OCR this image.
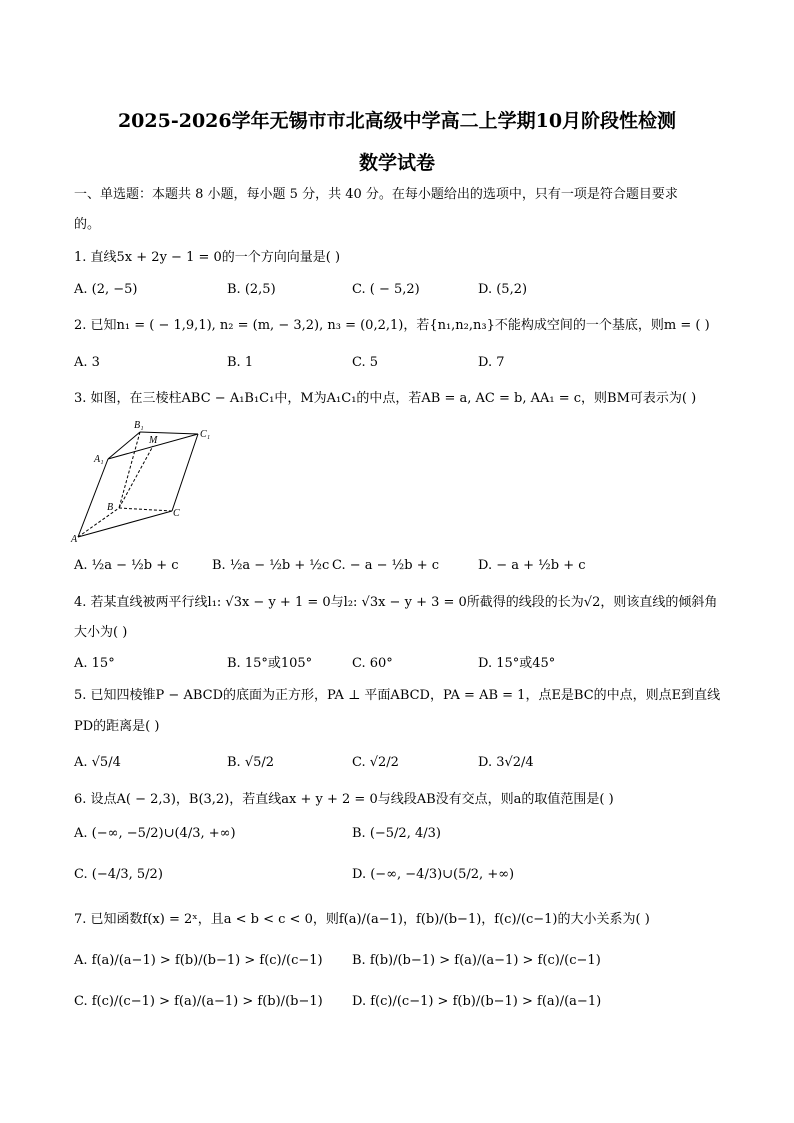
2025-2026学年无锡市市北高级中学高二上学期10月阶段性检测
数学试卷
一、单选题：本题共 8 小题，每小题 5 分，共 40 分。在每小题给出的选项中，只有一项是符合题目要求
的。
1. 直线5x + 2y − 1 = 0的一个方向向量是( )
A. (2, −5)	B. (2,5)	C. ( − 5,2)	D. (5,2)
2. 已知n₁ = ( − 1,9,1), n₂ = (m, − 3,2), n₃ = (0,2,1)，若{n₁,n₂,n₃}不能构成空间的一个基底，则m = ( )
A. 3	B. 1	C. 5	D. 7
3. 如图，在三棱柱ABC − A₁B₁C₁中，M为A₁C₁的中点，若AB = a, AC = b, AA₁ = c，则BM可表示为( )
B₁
M
C₁
A₁
B
C
A
A. ½a − ½b + c	B. ½a − ½b + ½c C. − a − ½b + c	D. − a + ½b + c
4. 若某直线被两平行线l₁: √3x − y + 1 = 0与l₂: √3x − y + 3 = 0所截得的线段的长为√2，则该直线的倾斜角
大小为( )
A. 15°	B. 15°或105°	C. 60°	D. 15°或45°
5. 已知四棱锥P − ABCD的底面为正方形，PA ⊥ 平面ABCD，PA = AB = 1，点E是BC的中点，则点E到直线
PD的距离是( )
A. √5/4	B. √5/2	C. √2/2	D. 3√2/4
6. 设点A( − 2,3)，B(3,2)，若直线ax + y + 2 = 0与线段AB没有交点，则a的取值范围是( )
A. (−∞, −5/2)∪(4/3, +∞)	B. (−5/2, 4/3)
C. (−4/3, 5/2)	D. (−∞, −4/3)∪(5/2, +∞)
7. 已知函数f(x) = 2ˣ，且a < b < c < 0，则f(a)/(a−1)，f(b)/(b−1)，f(c)/(c−1)的大小关系为( )
A. f(a)/(a−1) > f(b)/(b−1) > f(c)/(c−1) B. f(b)/(b−1) > f(a)/(a−1) > f(c)/(c−1)
C. f(c)/(c−1) > f(a)/(a−1) > f(b)/(b−1) D. f(c)/(c−1) > f(b)/(b−1) > f(a)/(a−1)
